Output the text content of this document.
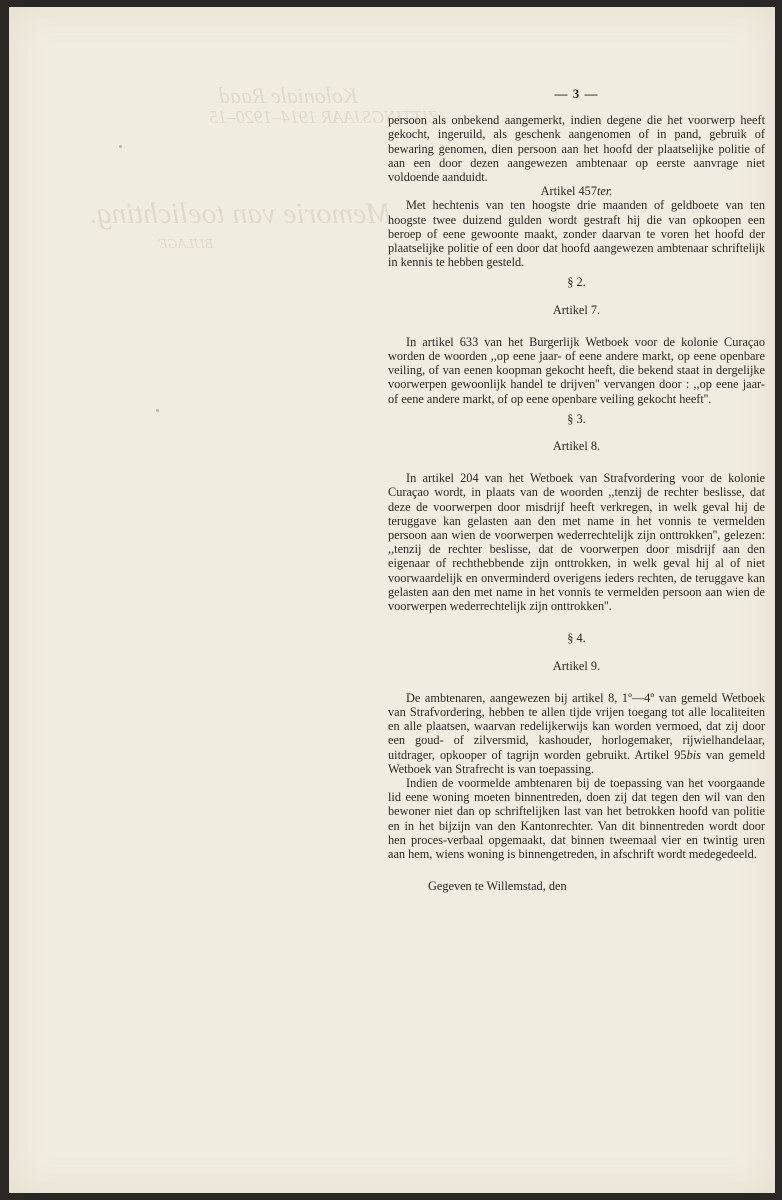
Koloniale Raad
ZITTINGSJAAR 1914–1920–15
Memorie van toelichting.
BIJLAGE
— 3 —

persoon als onbekend aangemerkt, indien degene die het voorwerp heeft gekocht, ingeruild, als geschenk aangenomen of in pand, gebruik of bewaring genomen, dien persoon aan het hoofd der plaatselijke politie of aan een door dezen aangewezen ambtenaar op eerste aanvrage niet voldoende aanduidt.

Artikel 457ter.

Met hechtenis van ten hoogste drie maanden of geldboete van ten hoogste twee duizend gulden wordt gestraft hij die van opkoopen een beroep of eene gewoonte maakt, zonder daarvan te voren het hoofd der plaatselijke politie of een door dat hoofd aangewezen ambtenaar schriftelijk in kennis te hebben gesteld.

§ 2.

Artikel 7.

In artikel 633 van het Burgerlijk Wetboek voor de kolonie Curaçao worden de woorden ,,op eene jaar- of eene andere markt, op eene openbare veiling, of van eenen koopman gekocht heeft, die bekend staat in dergelijke voorwerpen gewoonlijk handel te drijven'' vervangen door : ,,op eene jaar- of eene andere markt, of op eene openbare veiling gekocht heeft''.

§ 3.

Artikel 8.

In artikel 204 van het Wetboek van Strafvordering voor de kolonie Curaçao wordt, in plaats van de woorden ,,tenzij de rechter beslisse, dat deze de voorwerpen door misdrijf heeft verkregen, in welk geval hij de teruggave kan gelasten aan den met name in het vonnis te vermelden persoon aan wien de voorwerpen wederrechtelijk zijn onttrokken'', gelezen: ,,tenzij de rechter beslisse, dat de voorwerpen door misdrijf aan den eigenaar of rechthebbende zijn onttrokken, in welk geval hij al of niet voorwaardelijk en onverminderd overigens ieders rechten, de teruggave kan gelasten aan den met name in het vonnis te vermelden persoon aan wien de voorwerpen wederrechtelijk zijn onttrokken''.

§ 4.

Artikel 9.

De ambtenaren, aangewezen bij artikel 8, 1º—4º van gemeld Wetboek van Strafvordering, hebben te allen tijde vrijen toegang tot alle localiteiten en alle plaatsen, waarvan redelijkerwijs kan worden vermoed, dat zij door een goud- of zilversmid, kashouder, horlogemaker, rijwielhandelaar, uitdrager, opkooper of tagrijn worden gebruikt. Artikel 95bis van gemeld Wetboek van Strafrecht is van toepassing.

Indien de voormelde ambtenaren bij de toepassing van het voorgaande lid eene woning moeten binnentreden, doen zij dat tegen den wil van den bewoner niet dan op schriftelijken last van het betrokken hoofd van politie en in het bijzijn van den Kantonrechter. Van dit binnentreden wordt door hen proces-verbaal opgemaakt, dat binnen tweemaal vier en twintig uren aan hem, wiens woning is binnengetreden, in afschrift wordt medegedeeld.

Gegeven te Willemstad, den
